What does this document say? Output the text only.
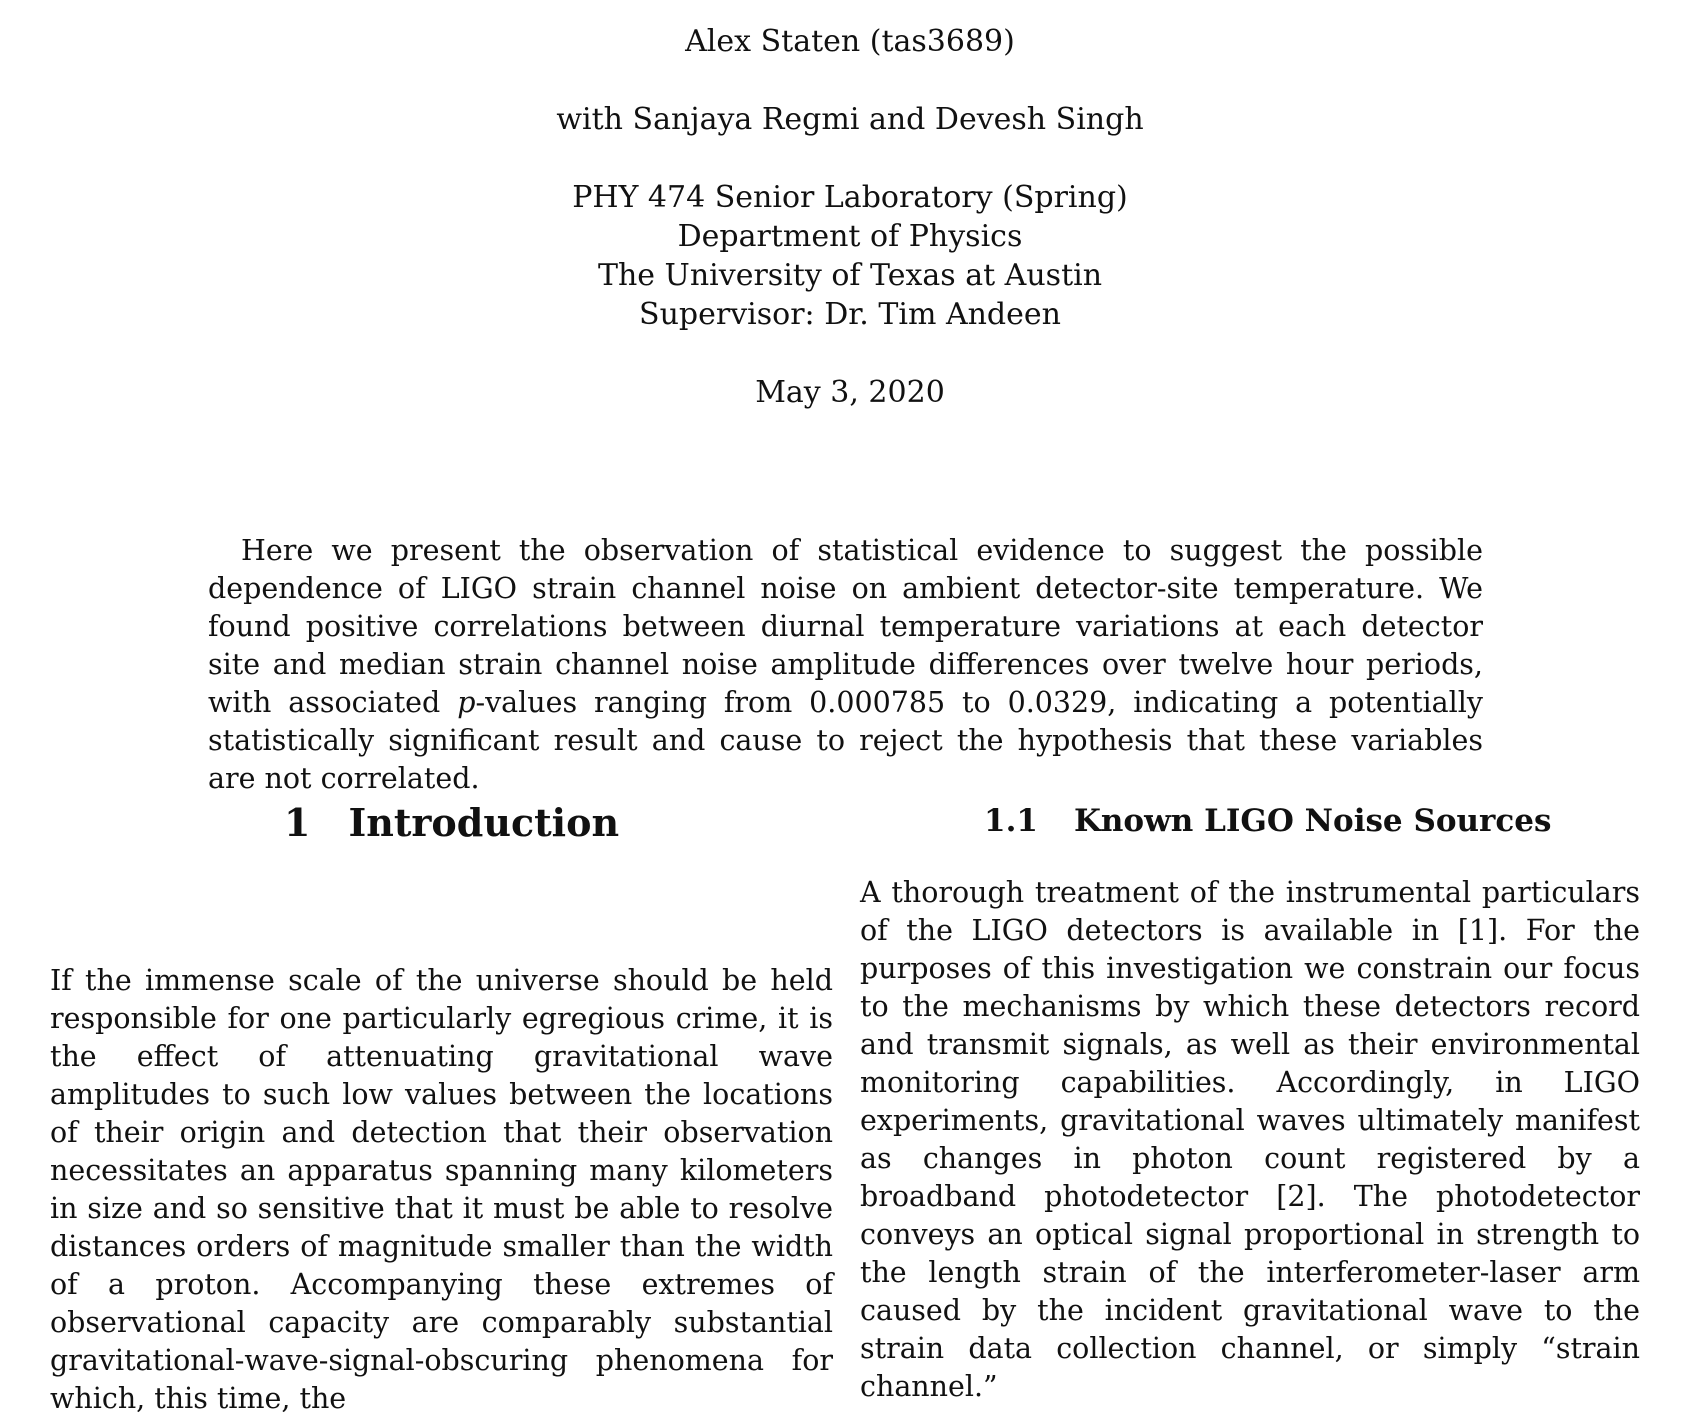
Alex Staten (tas3689)
with Sanjaya Regmi and Devesh Singh
PHY 474 Senior Laboratory (Spring)
Department of Physics
The University of Texas at Austin
Supervisor: Dr. Tim Andeen
May 3, 2020

Here we present the observation of statistical evidence to suggest the possible dependence of LIGO strain channel noise on ambient detector-site temperature. We found positive correlations between diurnal temperature variations at each detector site and median strain channel noise amplitude differences over twelve hour periods, with associated p-values ranging from 0.000785 to 0.0329, indicating a potentially statistically significant result and cause to reject the hypothesis that these variables are not correlated.

1 Introduction

If the immense scale of the universe should be held responsible for one particularly egregious crime, it is the effect of attenuating gravitational wave amplitudes to such low values between the locations of their origin and detection that their observation necessitates an apparatus spanning many kilometers in size and so sensitive that it must be able to resolve distances orders of magnitude smaller than the width of a proton. Accompanying these extremes of observational capacity are comparably substantial gravitational-wave-signal-obscuring phenomena for which, this time, the

1.1 Known LIGO Noise Sources

A thorough treatment of the instrumental particulars of the LIGO detectors is available in [1]. For the purposes of this investigation we constrain our focus to the mechanisms by which these detectors record and transmit signals, as well as their environmental monitoring capabilities. Accordingly, in LIGO experiments, gravitational waves ultimately manifest as changes in photon count registered by a broadband photodetector [2]. The photodetector conveys an optical signal proportional in strength to the length strain of the interferometer-laser arm caused by the incident gravitational wave to the strain data collection channel, or simply “strain channel.”
